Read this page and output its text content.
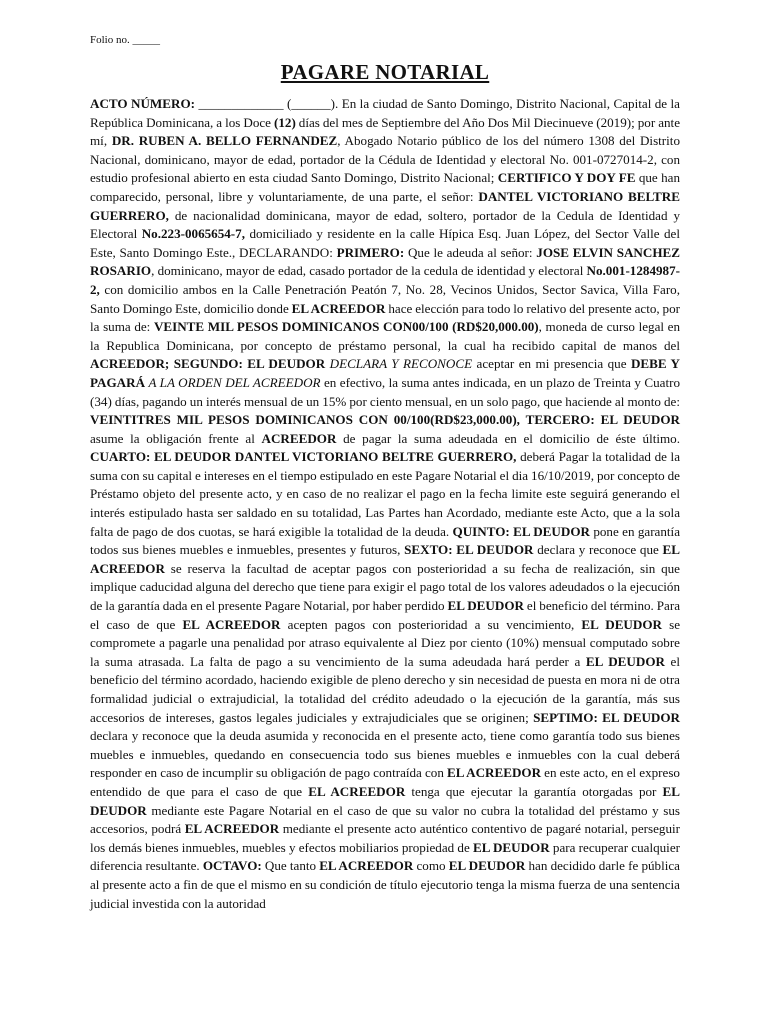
Folio no. _____
PAGARE NOTARIAL

ACTO NÚMERO: _____________ (______). En la ciudad de Santo Domingo, Distrito Nacional, Capital de la República Dominicana, a los Doce (12) días del mes de Septiembre del Año Dos Mil Diecinueve (2019); por ante mí, DR. RUBEN A. BELLO FERNANDEZ, Abogado Notario público de los del número 1308 del Distrito Nacional, dominicano, mayor de edad, portador de la Cédula de Identidad y electoral No. 001-0727014-2, con estudio profesional abierto en esta ciudad Santo Domingo, Distrito Nacional; CERTIFICO Y DOY FE que han comparecido, personal, libre y voluntariamente, de una parte, el señor: DANTEL VICTORIANO BELTRE GUERRERO, de nacionalidad dominicana, mayor de edad, soltero, portador de la Cedula de Identidad y Electoral No.223-0065654-7, domiciliado y residente en la calle Hípica Esq. Juan López, del Sector Valle del Este, Santo Domingo Este., DECLARANDO: PRIMERO: Que le adeuda al señor: JOSE ELVIN SANCHEZ ROSARIO, dominicano, mayor de edad, casado portador de la cedula de identidad y electoral No.001-1284987-2, con domicilio ambos en la Calle Penetración Peatón 7, No. 28, Vecinos Unidos, Sector Savica, Villa Faro, Santo Domingo Este, domicilio donde EL ACREEDOR hace elección para todo lo relativo del presente acto, por la suma de: VEINTE MIL PESOS DOMINICANOS CON00/100 (RD$20,000.00), moneda de curso legal en la Republica Dominicana, por concepto de préstamo personal, la cual ha recibido capital de manos del ACREEDOR; SEGUNDO: EL DEUDOR DECLARA Y RECONOCE aceptar en mi presencia que DEBE Y PAGARÁ A LA ORDEN DEL ACREEDOR en efectivo, la suma antes indicada, en un plazo de Treinta y Cuatro (34) días, pagando un interés mensual de un 15% por ciento mensual, en un solo pago, que haciende al monto de: VEINTITRES MIL PESOS DOMINICANOS CON 00/100(RD$23,000.00), TERCERO: EL DEUDOR asume la obligación frente al ACREEDOR de pagar la suma adeudada en el domicilio de éste último. CUARTO: EL DEUDOR DANTEL VICTORIANO BELTRE GUERRERO, deberá Pagar la totalidad de la suma con su capital e intereses en el tiempo estipulado en este Pagare Notarial el dia 16/10/2019, por concepto de Préstamo objeto del presente acto, y en caso de no realizar el pago en la fecha limite este seguirá generando el interés estipulado hasta ser saldado en su totalidad, Las Partes han Acordado, mediante este Acto, que a la sola falta de pago de dos cuotas, se hará exigible la totalidad de la deuda. QUINTO: EL DEUDOR pone en garantía todos sus bienes muebles e inmuebles, presentes y futuros, SEXTO: EL DEUDOR declara y reconoce que EL ACREEDOR se reserva la facultad de aceptar pagos con posterioridad a su fecha de realización, sin que implique caducidad alguna del derecho que tiene para exigir el pago total de los valores adeudados o la ejecución de la garantía dada en el presente Pagare Notarial, por haber perdido EL DEUDOR el beneficio del término. Para el caso de que EL ACREEDOR acepten pagos con posterioridad a su vencimiento, EL DEUDOR se compromete a pagarle una penalidad por atraso equivalente al Diez por ciento (10%) mensual computado sobre la suma atrasada. La falta de pago a su vencimiento de la suma adeudada hará perder a EL DEUDOR el beneficio del término acordado, haciendo exigible de pleno derecho y sin necesidad de puesta en mora ni de otra formalidad judicial o extrajudicial, la totalidad del crédito adeudado o la ejecución de la garantía, más sus accesorios de intereses, gastos legales judiciales y extrajudiciales que se originen; SEPTIMO: EL DEUDOR declara y reconoce que la deuda asumida y reconocida en el presente acto, tiene como garantía todo sus bienes muebles e inmuebles, quedando en consecuencia todo sus bienes muebles e inmuebles con la cual deberá responder en caso de incumplir su obligación de pago contraída con EL ACREEDOR en este acto, en el expreso entendido de que para el caso de que EL ACREEDOR tenga que ejecutar la garantía otorgadas por EL DEUDOR mediante este Pagare Notarial en el caso de que su valor no cubra la totalidad del préstamo y sus accesorios, podrá EL ACREEDOR mediante el presente acto auténtico contentivo de pagaré notarial, perseguir los demás bienes inmuebles, muebles y efectos mobiliarios propiedad de EL DEUDOR para recuperar cualquier diferencia resultante. OCTAVO: Que tanto EL ACREEDOR como EL DEUDOR han decidido darle fe pública al presente acto a fin de que el mismo en su condición de título ejecutorio tenga la misma fuerza de una sentencia judicial investida con la autoridad
